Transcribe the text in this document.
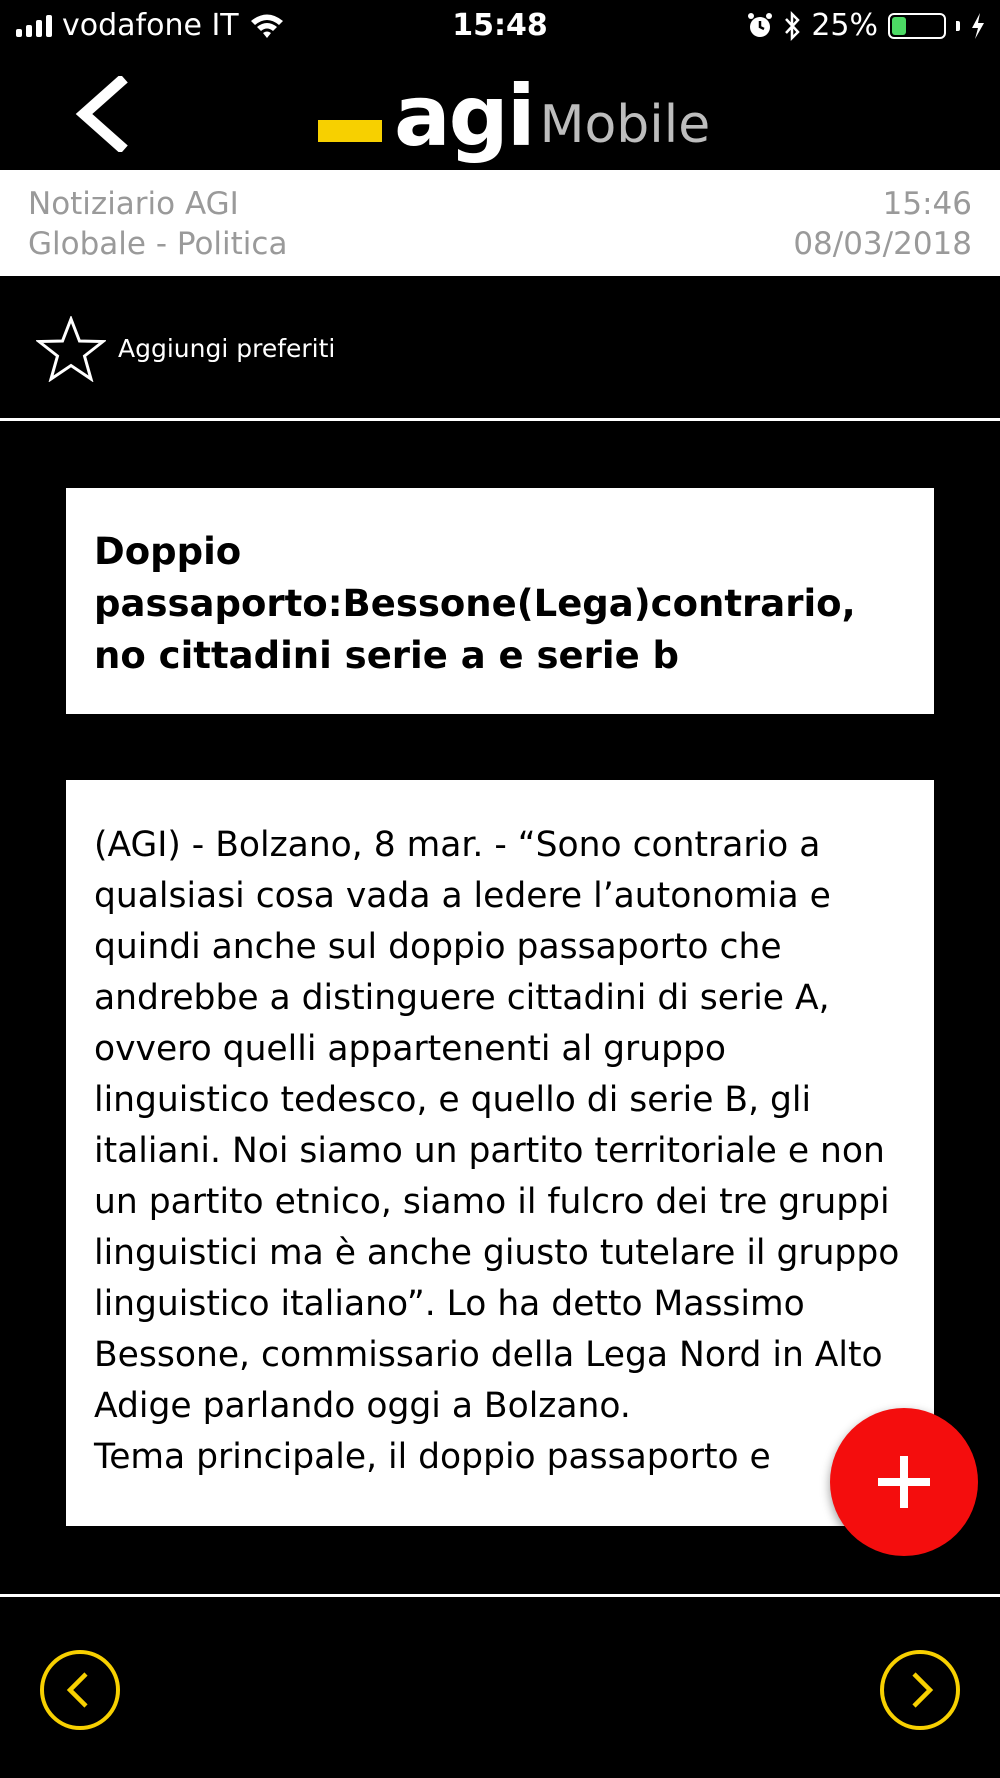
vodafone IT	15:48	25%
agi Mobile
Notiziario AGI
Globale - Politica
15:46
08/03/2018
Aggiungi preferiti

Doppio passaporto:Bessone(Lega)contrario, no cittadini serie a e serie b

(AGI) - Bolzano, 8 mar. - “Sono contrario a qualsiasi cosa vada a ledere l’autonomia e quindi anche sul doppio passaporto che andrebbe a distinguere cittadini di serie A, ovvero quelli appartenenti al gruppo linguistico tedesco, e quello di serie B, gli italiani. Noi siamo un partito territoriale e non un partito etnico, siamo il fulcro dei tre gruppi linguistici ma è anche giusto tutelare il gruppo linguistico italiano”. Lo ha detto Massimo Bessone, commissario della Lega Nord in Alto Adige parlando oggi a Bolzano.
Tema principale, il doppio passaporto e
